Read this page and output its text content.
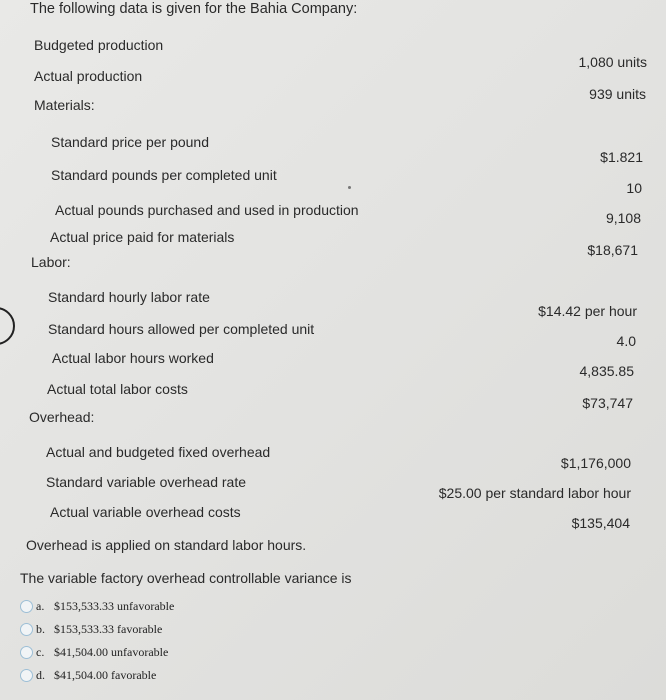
The following data is given for the Bahia Company:
Budgeted production
1,080 units
Actual production
939 units
Materials:
Standard price per pound
$1.821
Standard pounds per completed unit
10
Actual pounds purchased and used in production	9,108
Actual price paid for materials
$18,671
Labor:
Standard hourly labor rate
$14.42 per hour
Standard hours allowed per completed unit
4.0
Actual labor hours worked
4,835.85
Actual total labor costs
$73,747
Overhead:
Actual and budgeted fixed overhead
$1,176,000
Standard variable overhead rate
$25.00 per standard labor hour
Actual variable overhead costs
$135,404
Overhead is applied on standard labor hours.
The variable factory overhead controllable variance is
a. $153,533.33 unfavorable
b. $153,533.33 favorable
c. $41,504.00 unfavorable
d. $41,504.00 favorable
